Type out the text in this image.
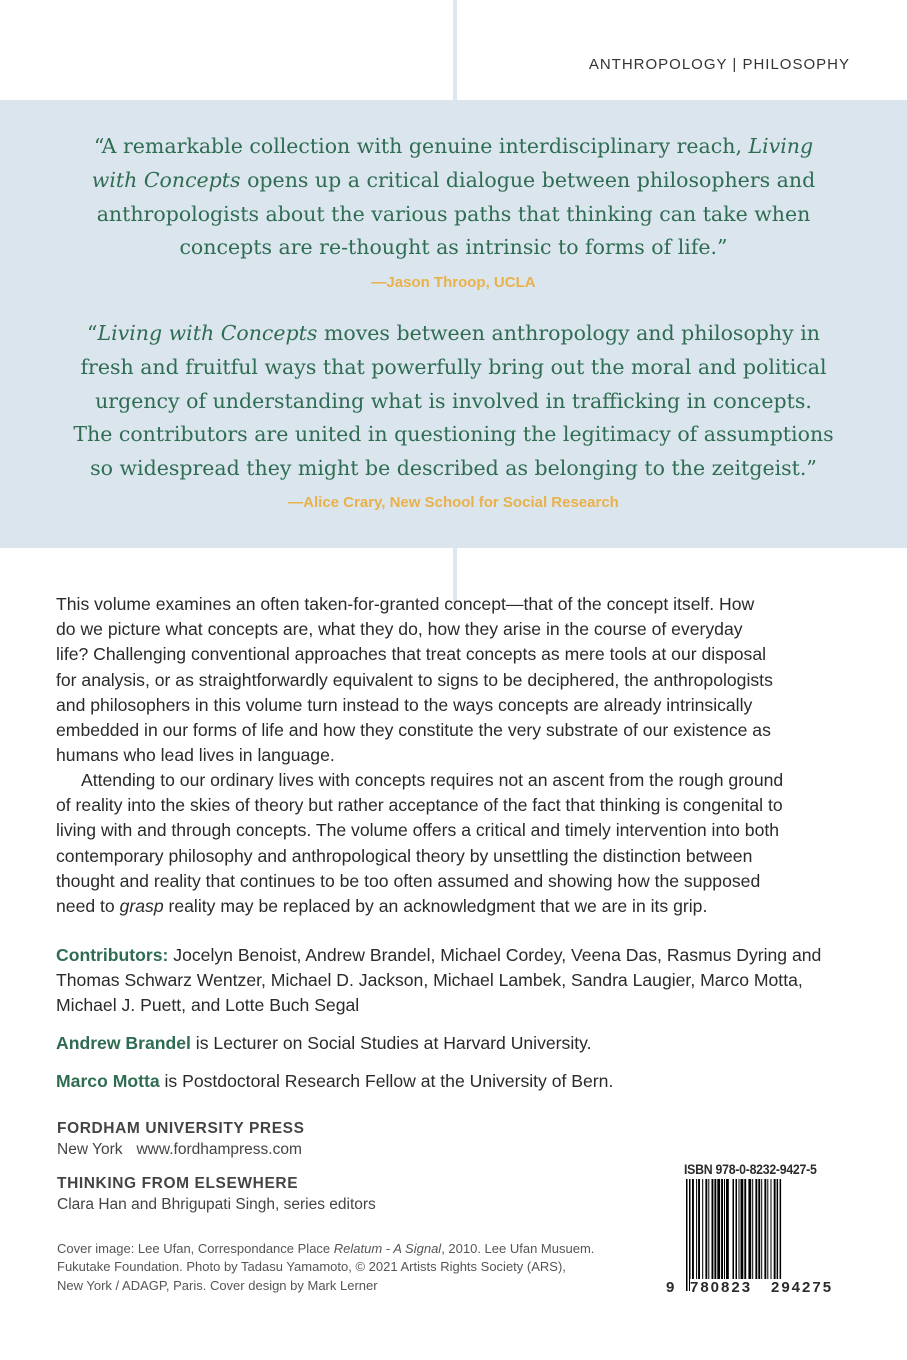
ANTHROPOLOGY | PHILOSOPHY
“A remarkable collection with genuine interdisciplinary reach, Living
with Concepts opens up a critical dialogue between philosophers and
anthropologists about the various paths that thinking can take when
concepts are re-thought as intrinsic to forms of life.”
—Jason Throop, UCLA
“Living with Concepts moves between anthropology and philosophy in
fresh and fruitful ways that powerfully bring out the moral and political
urgency of understanding what is involved in trafficking in concepts.
The contributors are united in questioning the legitimacy of assumptions
so widespread they might be described as belonging to the zeitgeist.”
—Alice Crary, New School for Social Research
This volume examines an often taken-for-granted concept—that of the concept itself. How
do we picture what concepts are, what they do, how they arise in the course of everyday
life? Challenging conventional approaches that treat concepts as mere tools at our disposal
for analysis, or as straightforwardly equivalent to signs to be deciphered, the anthropologists
and philosophers in this volume turn instead to the ways concepts are already intrinsically
embedded in our forms of life and how they constitute the very substrate of our existence as
humans who lead lives in language.
Attending to our ordinary lives with concepts requires not an ascent from the rough ground
of reality into the skies of theory but rather acceptance of the fact that thinking is congenital to
living with and through concepts. The volume offers a critical and timely intervention into both
contemporary philosophy and anthropological theory by unsettling the distinction between
thought and reality that continues to be too often assumed and showing how the supposed
need to grasp reality may be replaced by an acknowledgment that we are in its grip.
Contributors: Jocelyn Benoist, Andrew Brandel, Michael Cordey, Veena Das, Rasmus Dyring and
Thomas Schwarz Wentzer, Michael D. Jackson, Michael Lambek, Sandra Laugier, Marco Motta,
Michael J. Puett, and Lotte Buch Segal
Andrew Brandel is Lecturer on Social Studies at Harvard University.
Marco Motta is Postdoctoral Research Fellow at the University of Bern.
FORDHAM UNIVERSITY PRESS
New York www.fordhampress.com
THINKING FROM ELSEWHERE
Clara Han and Bhrigupati Singh, series editors
Cover image: Lee Ufan, Correspondance Place Relatum - A Signal, 2010. Lee Ufan Musuem.
Fukutake Foundation. Photo by Tadasu Yamamoto, © 2021 Artists Rights Society (ARS),
New York / ADAGP, Paris. Cover design by Mark Lerner
ISBN 978-0-8232-9427-5
9 780823 294275
